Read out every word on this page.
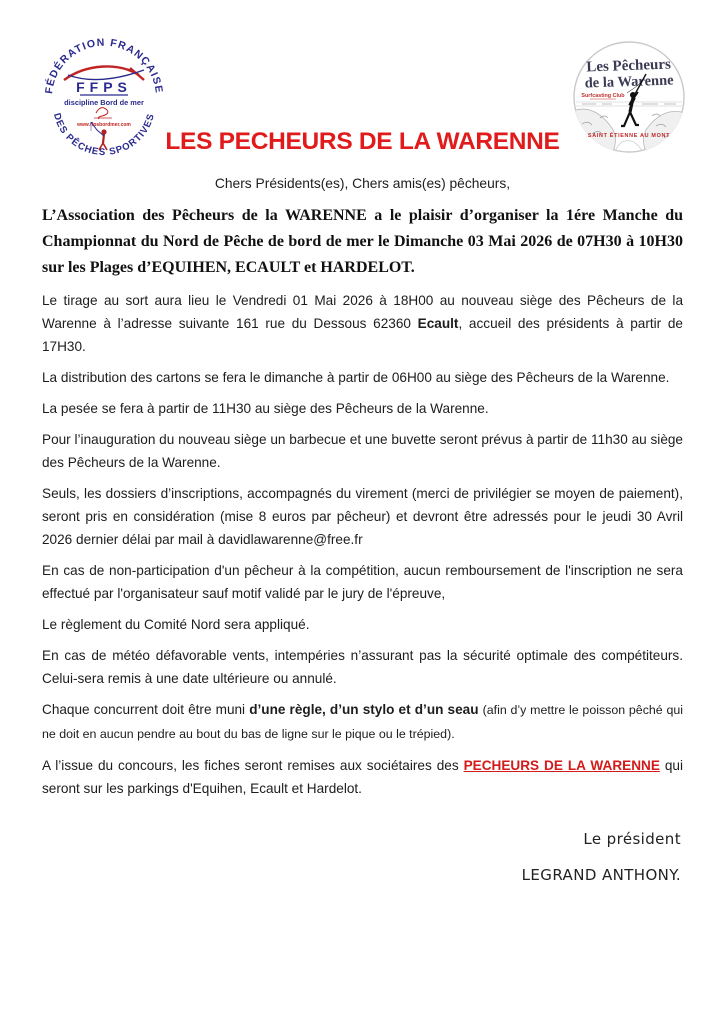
FÉDÉRATION FRANÇAISE
DES PÊCHES SPORTIVES
FFPS
discipline Bord de mer
www.ffpsbordmer.com
Les Pêcheurs
de la Warenne
Surfcasting Club
SAINT ÉTIENNE AU MONT
LES PECHEURS DE LA WARENNE
Chers Présidents(es), Chers amis(es) pêcheurs,

L’Association des Pêcheurs de la WARENNE a le plaisir d’organiser la 1ére Manche du Championnat du Nord de Pêche de bord de mer le Dimanche 03 Mai 2026 de 07H30 à 10H30 sur les Plages d’EQUIHEN, ECAULT et HARDELOT.

Le tirage au sort aura lieu le Vendredi 01 Mai 2026 à 18H00 au nouveau siège des Pêcheurs de la Warenne à l’adresse suivante 161 rue du Dessous 62360 Ecault, accueil des présidents à partir de 17H30.

La distribution des cartons se fera le dimanche à partir de 06H00 au siège des Pêcheurs de la Warenne.

La pesée se fera à partir de 11H30 au siège des Pêcheurs de la Warenne.

Pour l’inauguration du nouveau siège un barbecue et une buvette seront prévus à partir de 11h30 au siège des Pêcheurs de la Warenne.

Seuls, les dossiers d’inscriptions, accompagnés du virement (merci de privilégier se moyen de paiement), seront pris en considération (mise 8 euros par pêcheur) et devront être adressés pour le jeudi 30 Avril 2026 dernier délai par mail à davidlawarenne@free.fr

En cas de non-participation d'un pêcheur à la compétition, aucun remboursement de l'inscription ne sera effectué par l'organisateur sauf motif validé par le jury de l'épreuve,

Le règlement du Comité Nord sera appliqué.

En cas de météo défavorable vents, intempéries n’assurant pas la sécurité optimale des compétiteurs. Celui-sera remis à une date ultérieure ou annulé.

Chaque concurrent doit être muni d’une règle, d’un stylo et d’un seau (afin d’y mettre le poisson pêché qui ne doit en aucun pendre au bout du bas de ligne sur le pique ou le trépied).

A l’issue du concours, les fiches seront remises aux sociétaires des PECHEURS DE LA WARENNE qui seront sur les parkings d'Equihen, Ecault et Hardelot.

Le président
LEGRAND ANTHONY.
